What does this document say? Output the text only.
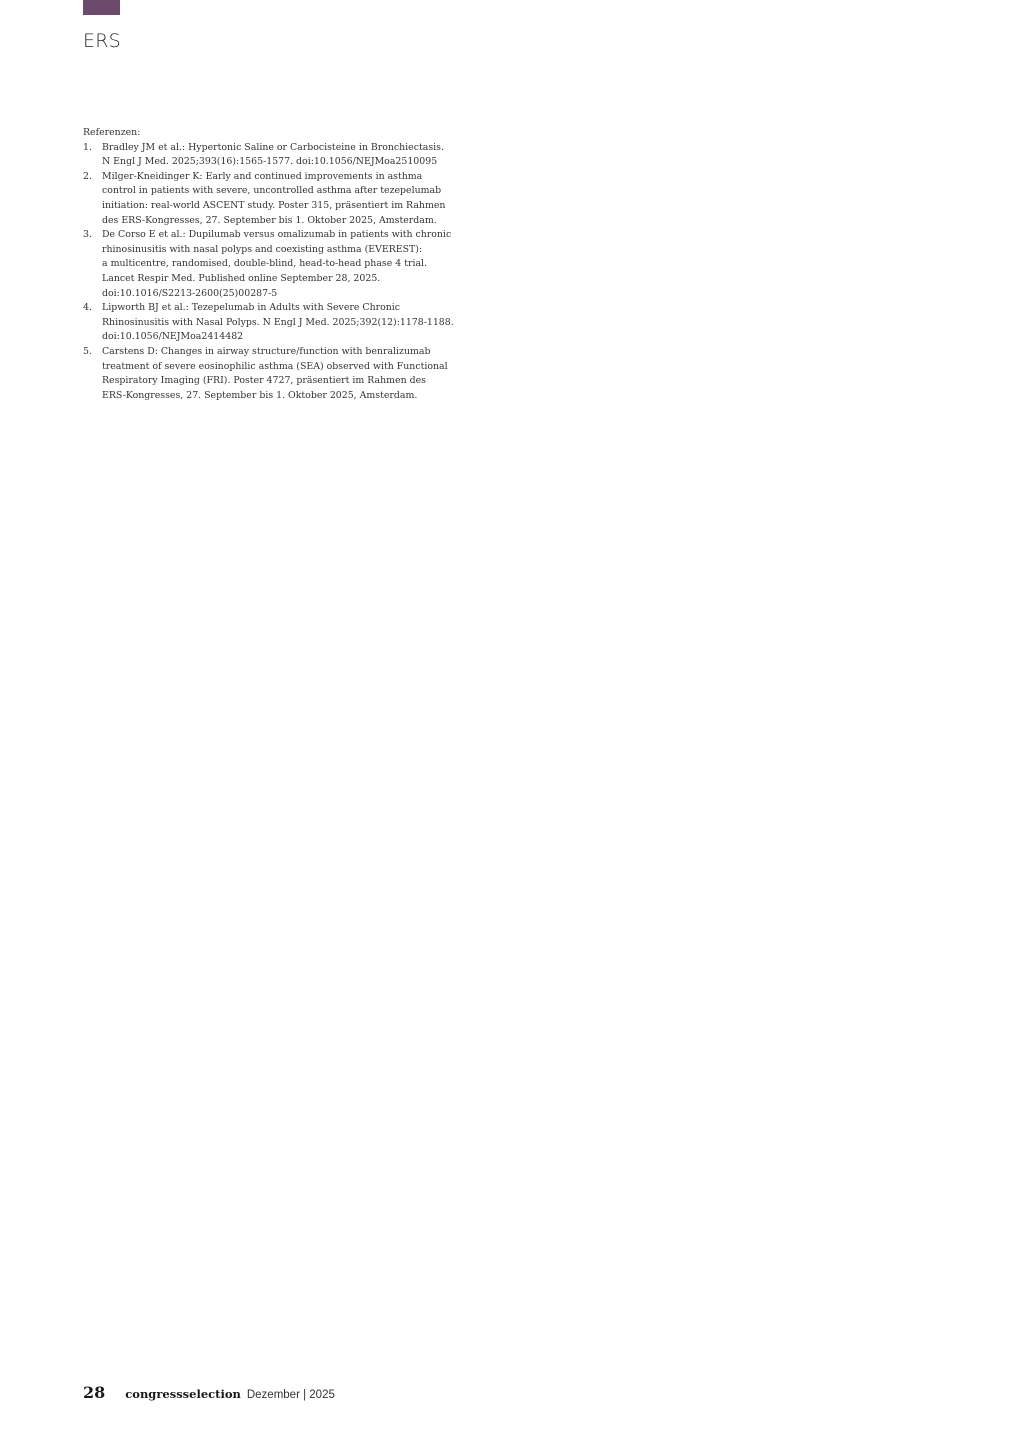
ERS
Referenzen:
1.	Bradley JM et al.: Hypertonic Saline or Carbocisteine in Bronchiectasis.
N Engl J Med. 2025;393(16):1565-1577. doi:10.1056/NEJMoa2510095
2.	Milger-Kneidinger K: Early and continued improvements in asthma
control in patients with severe, uncontrolled asthma after tezepelumab
initiation: real-world ASCENT study. Poster 315, präsentiert im Rahmen
des ERS-Kongresses, 27. September bis 1. Oktober 2025, Amsterdam.
3.	De Corso E et al.: Dupilumab versus omalizumab in patients with chronic
rhinosinusitis with nasal polyps and coexisting asthma (EVEREST):
a multicentre, randomised, double-blind, head-to-head phase 4 trial.
Lancet Respir Med. Published online September 28, 2025.
doi:10.1016/S2213-2600(25)00287-5
4.	Lipworth BJ et al.: Tezepelumab in Adults with Severe Chronic
Rhinosinusitis with Nasal Polyps. N Engl J Med. 2025;392(12):1178-1188.
doi:10.1056/NEJMoa2414482
5.	Carstens D: Changes in airway structure/function with benralizumab
treatment of severe eosinophilic asthma (SEA) observed with Functional
Respiratory Imaging (FRI). Poster 4727, präsentiert im Rahmen des
ERS-Kongresses, 27. September bis 1. Oktober 2025, Amsterdam.
28 congressselection Dezember | 2025
